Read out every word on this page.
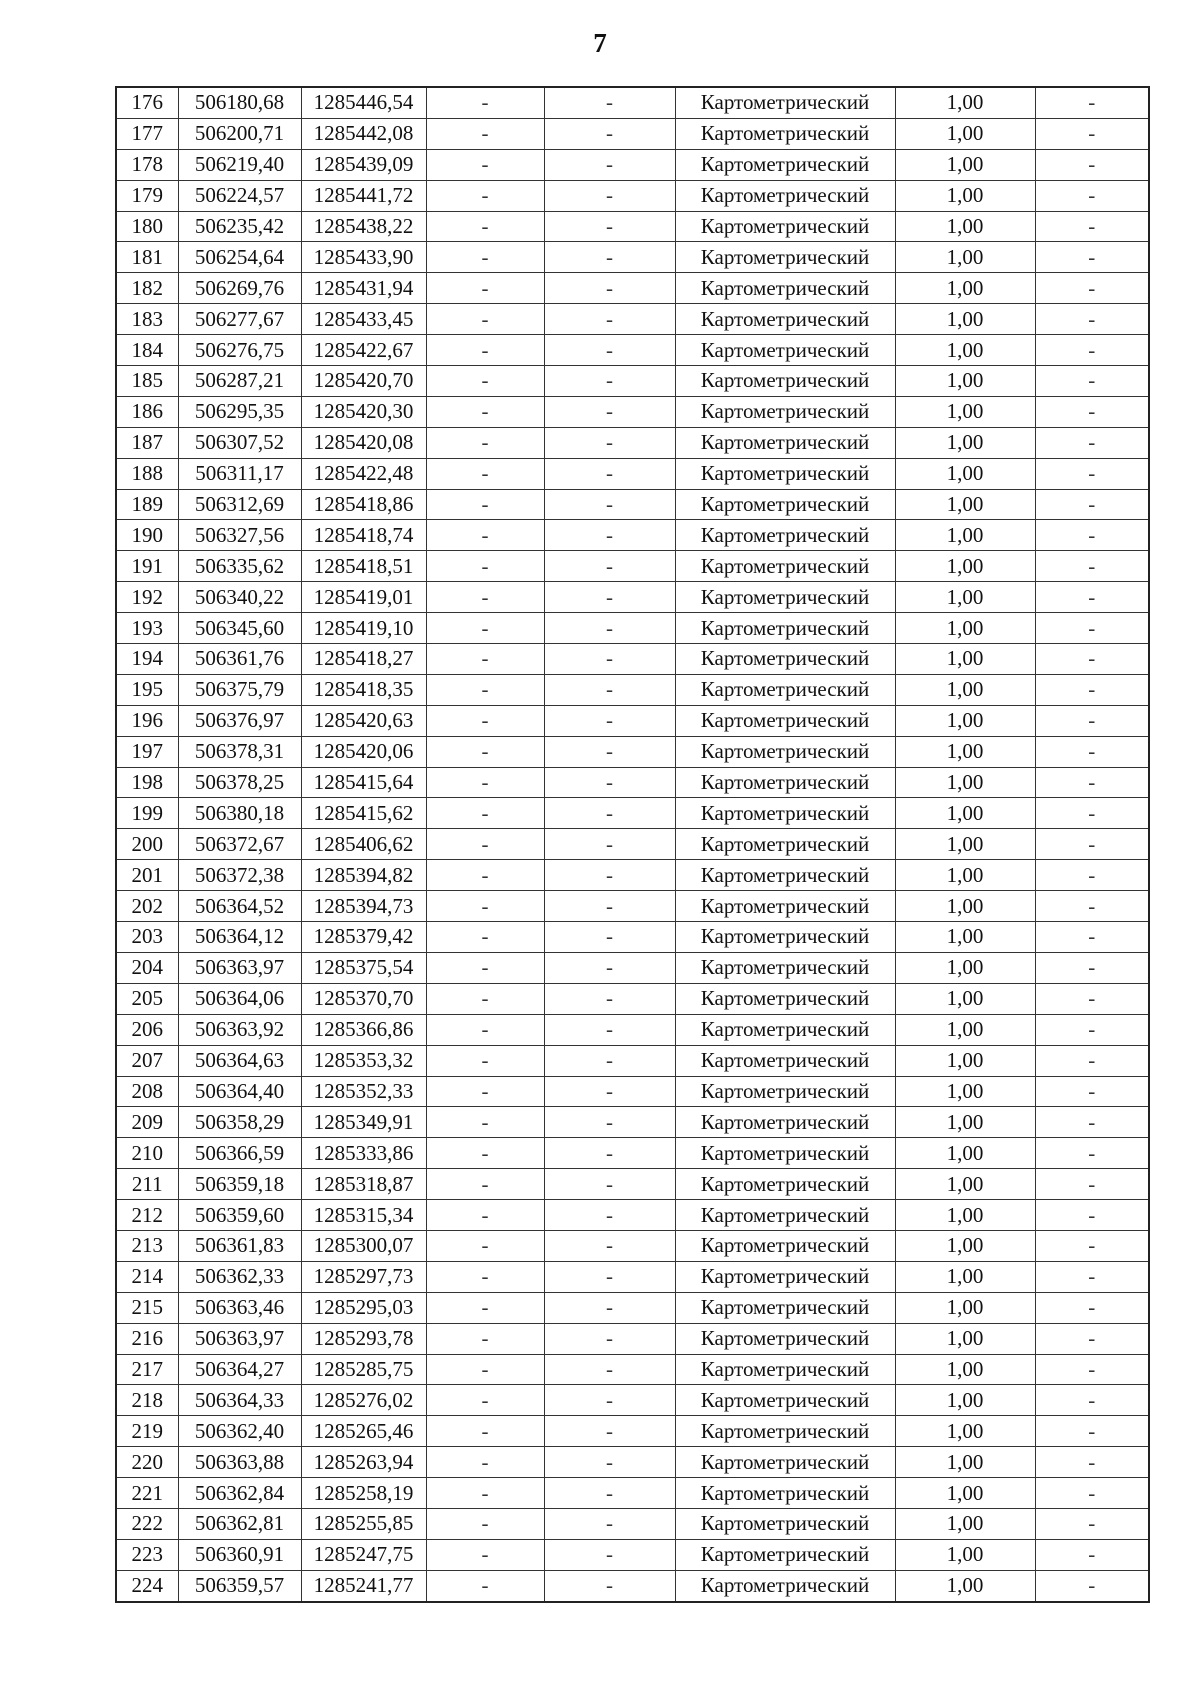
7
176	506180,68	1285446,54	-	-	Картометрический	1,00	-
177	506200,71	1285442,08	-	-	Картометрический	1,00	-
178	506219,40	1285439,09	-	-	Картометрический	1,00	-
179	506224,57	1285441,72	-	-	Картометрический	1,00	-
180	506235,42	1285438,22	-	-	Картометрический	1,00	-
181	506254,64	1285433,90	-	-	Картометрический	1,00	-
182	506269,76	1285431,94	-	-	Картометрический	1,00	-
183	506277,67	1285433,45	-	-	Картометрический	1,00	-
184	506276,75	1285422,67	-	-	Картометрический	1,00	-
185	506287,21	1285420,70	-	-	Картометрический	1,00	-
186	506295,35	1285420,30	-	-	Картометрический	1,00	-
187	506307,52	1285420,08	-	-	Картометрический	1,00	-
188	506311,17	1285422,48	-	-	Картометрический	1,00	-
189	506312,69	1285418,86	-	-	Картометрический	1,00	-
190	506327,56	1285418,74	-	-	Картометрический	1,00	-
191	506335,62	1285418,51	-	-	Картометрический	1,00	-
192	506340,22	1285419,01	-	-	Картометрический	1,00	-
193	506345,60	1285419,10	-	-	Картометрический	1,00	-
194	506361,76	1285418,27	-	-	Картометрический	1,00	-
195	506375,79	1285418,35	-	-	Картометрический	1,00	-
196	506376,97	1285420,63	-	-	Картометрический	1,00	-
197	506378,31	1285420,06	-	-	Картометрический	1,00	-
198	506378,25	1285415,64	-	-	Картометрический	1,00	-
199	506380,18	1285415,62	-	-	Картометрический	1,00	-
200	506372,67	1285406,62	-	-	Картометрический	1,00	-
201	506372,38	1285394,82	-	-	Картометрический	1,00	-
202	506364,52	1285394,73	-	-	Картометрический	1,00	-
203	506364,12	1285379,42	-	-	Картометрический	1,00	-
204	506363,97	1285375,54	-	-	Картометрический	1,00	-
205	506364,06	1285370,70	-	-	Картометрический	1,00	-
206	506363,92	1285366,86	-	-	Картометрический	1,00	-
207	506364,63	1285353,32	-	-	Картометрический	1,00	-
208	506364,40	1285352,33	-	-	Картометрический	1,00	-
209	506358,29	1285349,91	-	-	Картометрический	1,00	-
210	506366,59	1285333,86	-	-	Картометрический	1,00	-
211	506359,18	1285318,87	-	-	Картометрический	1,00	-
212	506359,60	1285315,34	-	-	Картометрический	1,00	-
213	506361,83	1285300,07	-	-	Картометрический	1,00	-
214	506362,33	1285297,73	-	-	Картометрический	1,00	-
215	506363,46	1285295,03	-	-	Картометрический	1,00	-
216	506363,97	1285293,78	-	-	Картометрический	1,00	-
217	506364,27	1285285,75	-	-	Картометрический	1,00	-
218	506364,33	1285276,02	-	-	Картометрический	1,00	-
219	506362,40	1285265,46	-	-	Картометрический	1,00	-
220	506363,88	1285263,94	-	-	Картометрический	1,00	-
221	506362,84	1285258,19	-	-	Картометрический	1,00	-
222	506362,81	1285255,85	-	-	Картометрический	1,00	-
223	506360,91	1285247,75	-	-	Картометрический	1,00	-
224	506359,57	1285241,77	-	-	Картометрический	1,00	-
